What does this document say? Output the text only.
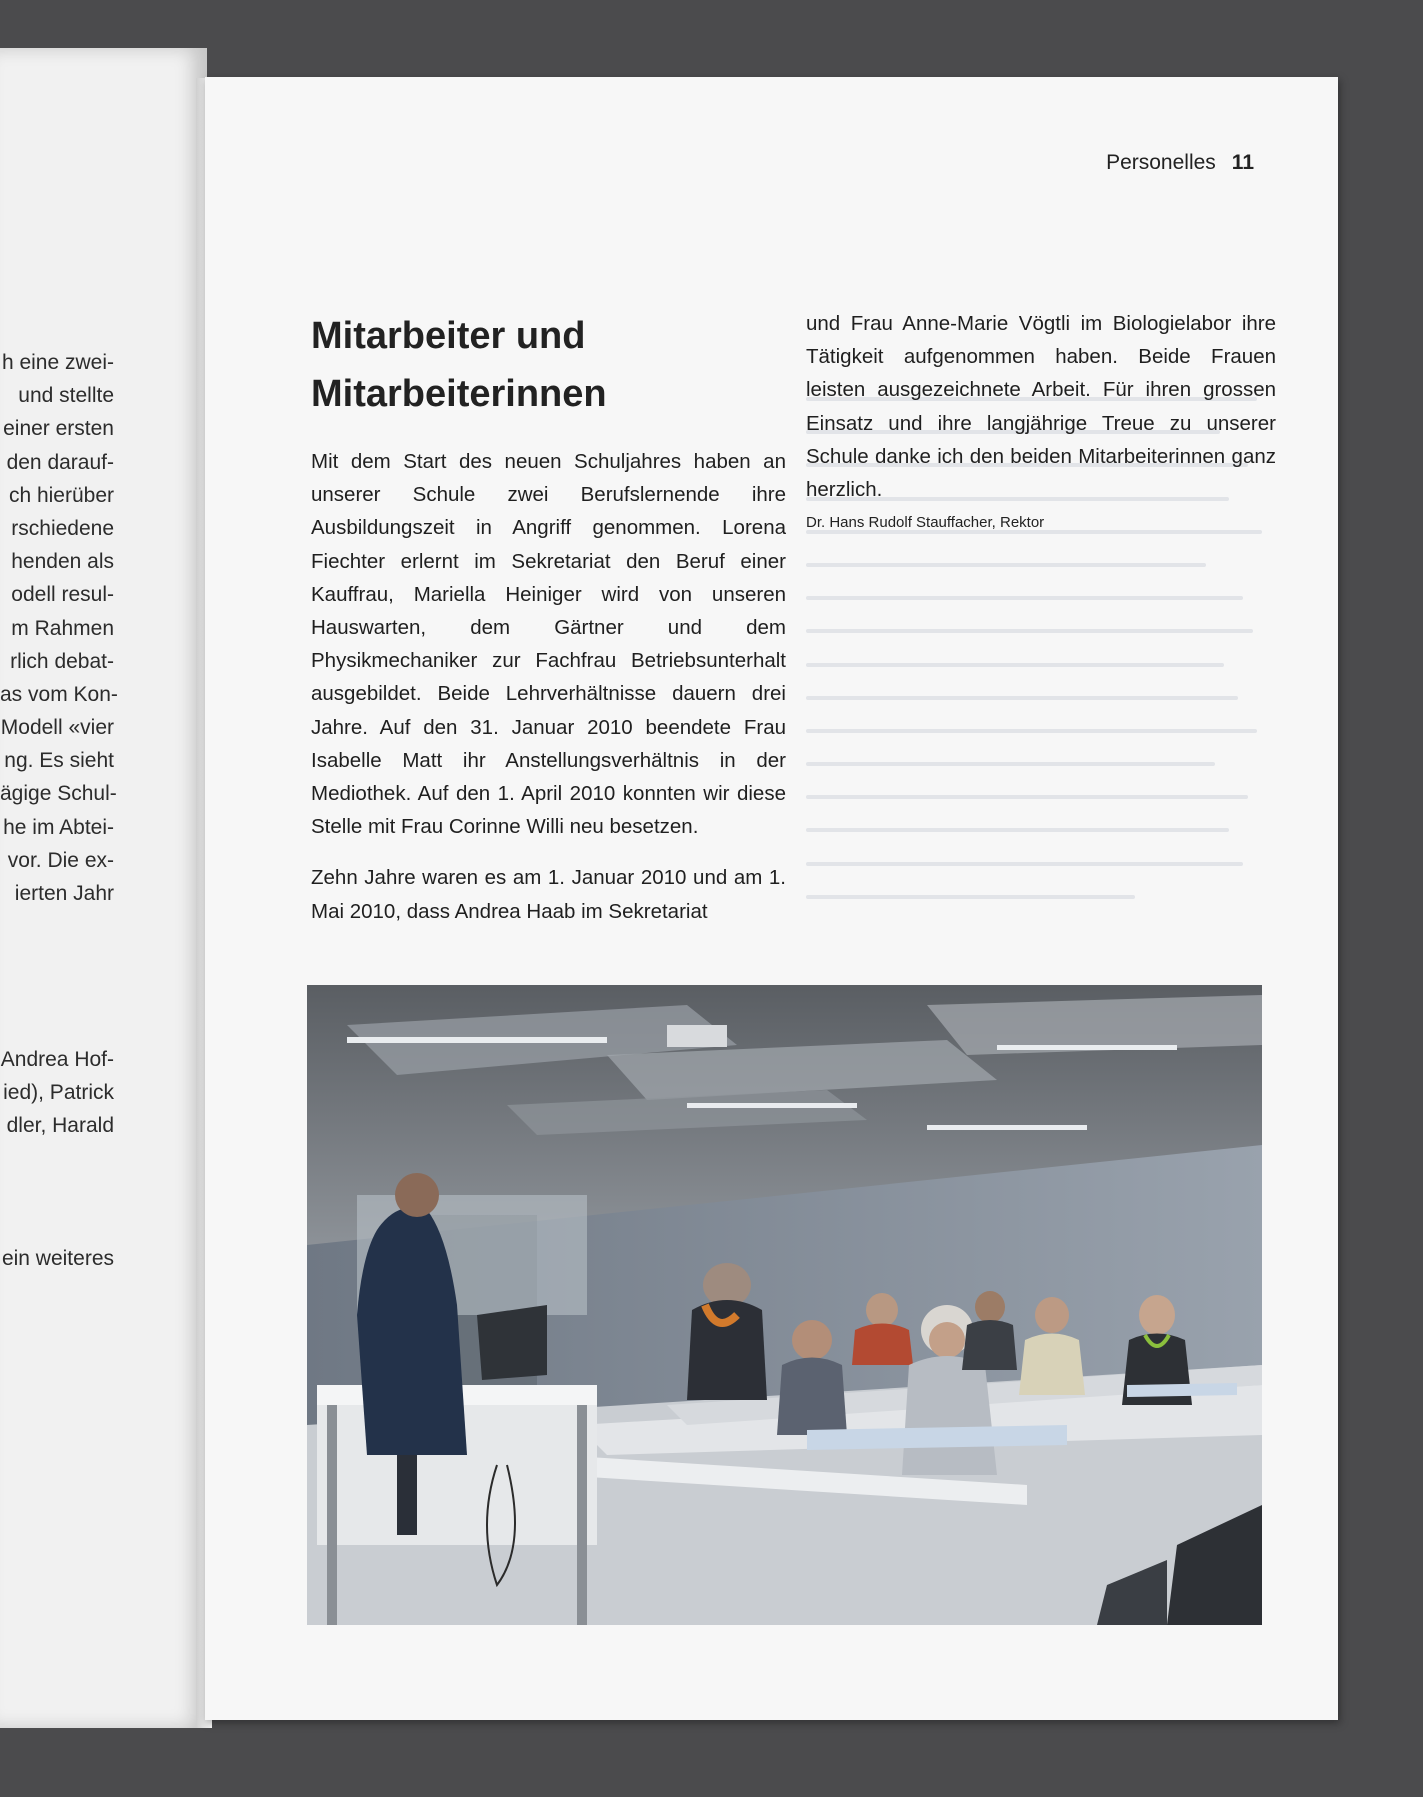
h eine zwei-
und stellte
einer ersten
den darauf-
ch hierüber
rschiedene
henden als
odell resul-
m Rahmen
rlich debat-
as vom Kon-
Modell «vier
ng. Es sieht
ägige Schul-
he im Abtei-
vor. Die ex-
ierten Jahr
Andrea Hof-
ied), Patrick
dler, Harald
ein weiteres
Personelles 11
Mitarbeiter und
Mitarbeiterinnen

Mit dem Start des neuen Schuljahres haben an unserer Schule zwei Berufslernende ihre Ausbildungszeit in Angriff genommen. Lorena Fiechter erlernt im Sekretariat den Beruf einer Kauffrau, Mariella Heiniger wird von unseren Hauswarten, dem Gärtner und dem Physikmechaniker zur Fachfrau Betriebsunterhalt ausgebildet. Beide Lehrverhältnisse dauern drei Jahre. Auf den 31. Januar 2010 beendete Frau Isabelle Matt ihr Anstellungsverhältnis in der Mediothek. Auf den 1. April 2010 konnten wir diese Stelle mit Frau Corinne Willi neu besetzen.

Zehn Jahre waren es am 1. Januar 2010 und am 1. Mai 2010, dass Andrea Haab im Sekretariat

und Frau Anne-Marie Vögtli im Biologielabor ihre Tätigkeit aufgenommen haben. Beide Frauen leisten ausgezeichnete Arbeit. Für ihren grossen Einsatz und ihre langjährige Treue zu unserer Schule danke ich den beiden Mitarbeiterinnen ganz herzlich.

Dr. Hans Rudolf Stauffacher, Rektor
